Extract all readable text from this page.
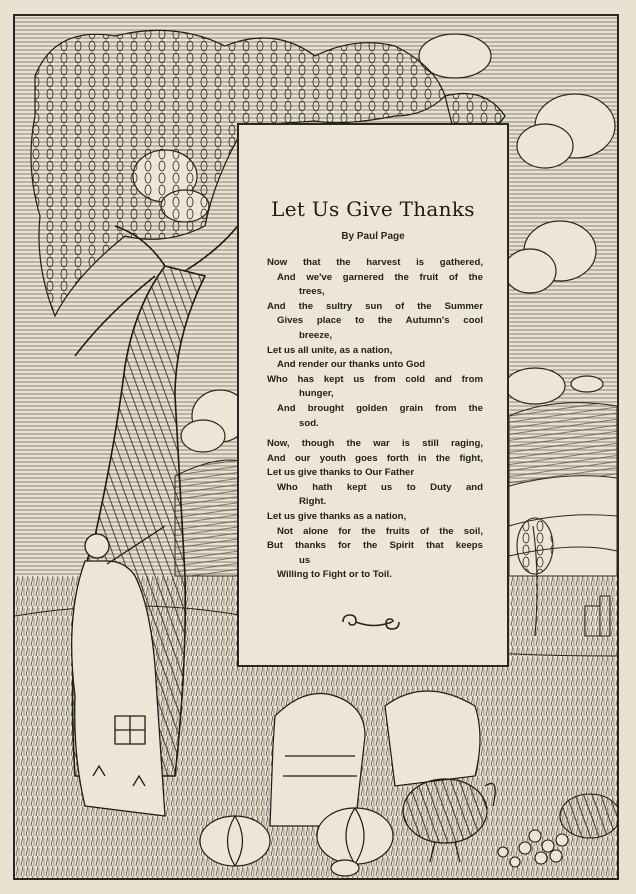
Let Us Give Thanks
By Paul Page
Now that the harvest is gathered,
And we've garnered the fruit of the
trees,
And the sultry sun of the Summer
Gives place to the Autumn's cool
breeze,
Let us all unite, as a nation,
And render our thanks unto God
Who has kept us from cold and from
hunger,
And brought golden grain from the
sod.
Now, though the war is still raging,
And our youth goes forth in the fight,
Let us give thanks to Our Father
Who hath kept us to Duty and
Right.
Let us give thanks as a nation,
Not alone for the fruits of the soil,
But thanks for the Spirit that keeps
us
Willing to Fight or to Toil.
